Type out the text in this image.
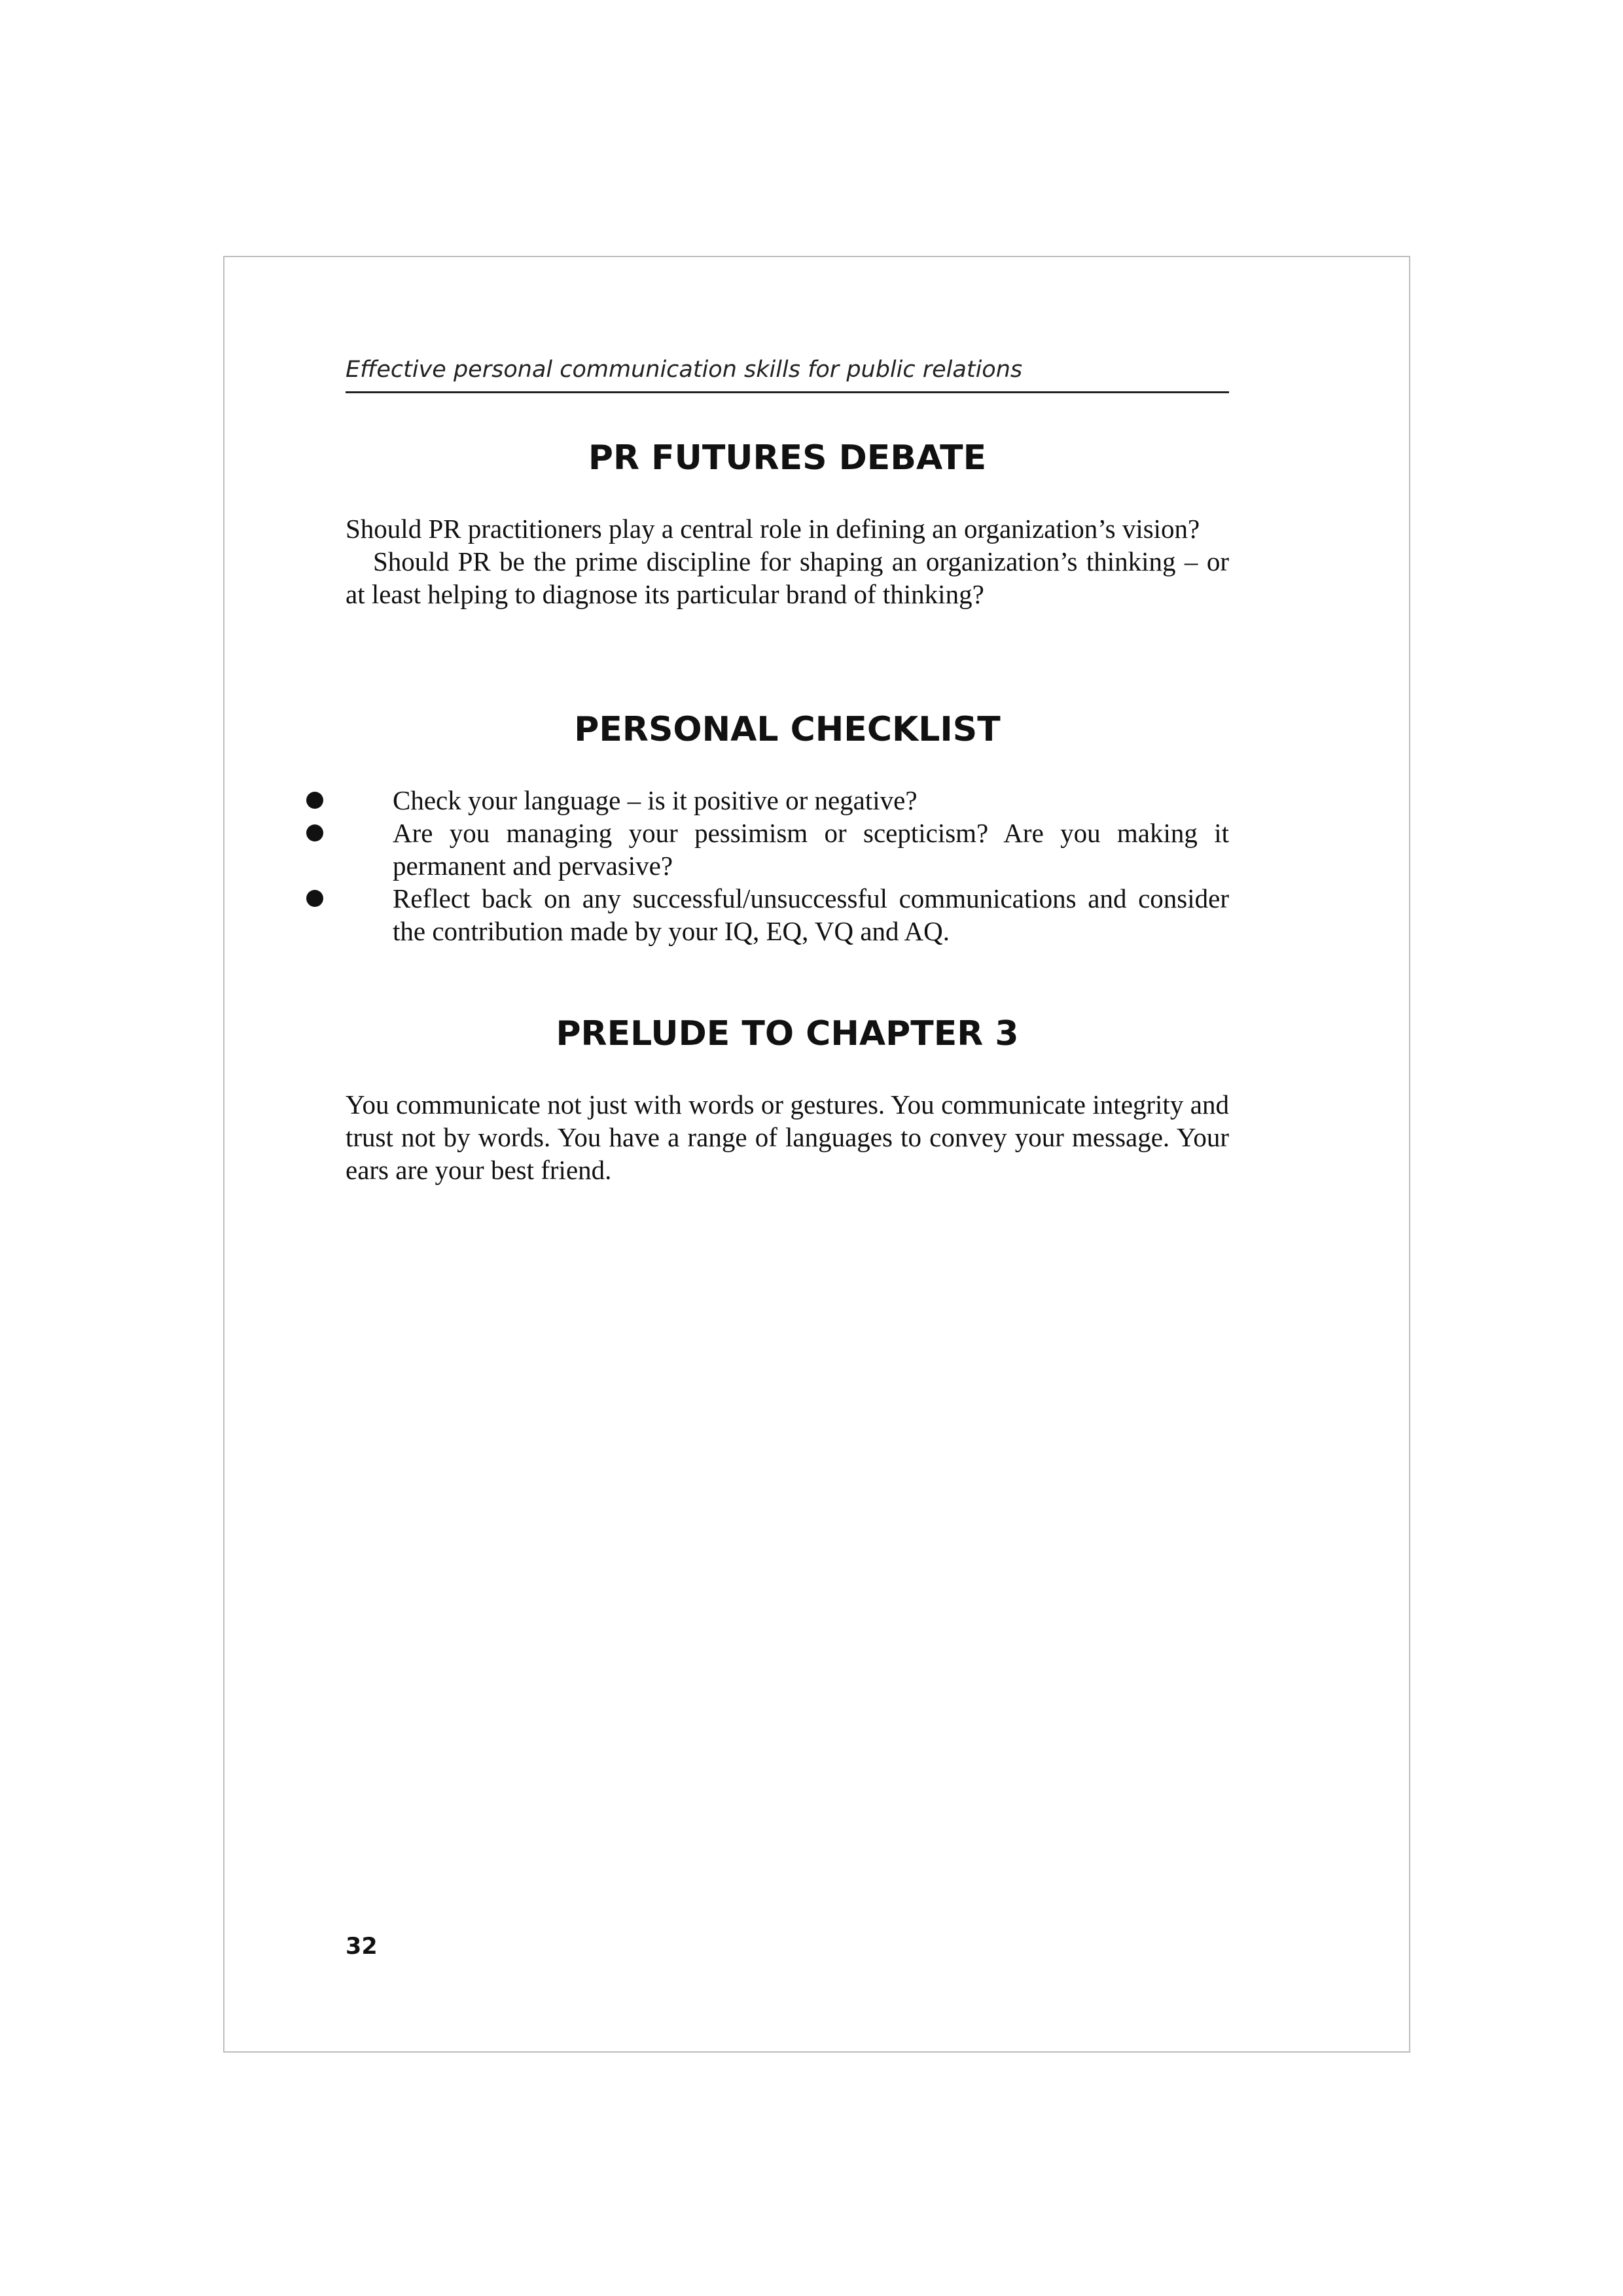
Effective personal communication skills for public relations
PR FUTURES DEBATE

Should PR practitioners play a central role in defining an organization’s vision?

Should PR be the prime discipline for shaping an organization’s thinking – or at least helping to diagnose its particular brand of thinking?

PERSONAL CHECKLIST
Check your language – is it positive or negative?
Are you managing your pessimism or scepticism? Are you making it permanent and pervasive?
Reflect back on any successful/unsuccessful communications and consider the contribution made by your IQ, EQ, VQ and AQ.
PRELUDE TO CHAPTER 3

You communicate not just with words or gestures. You communicate integrity and trust not by words. You have a range of languages to convey your message. Your ears are your best friend.

32
